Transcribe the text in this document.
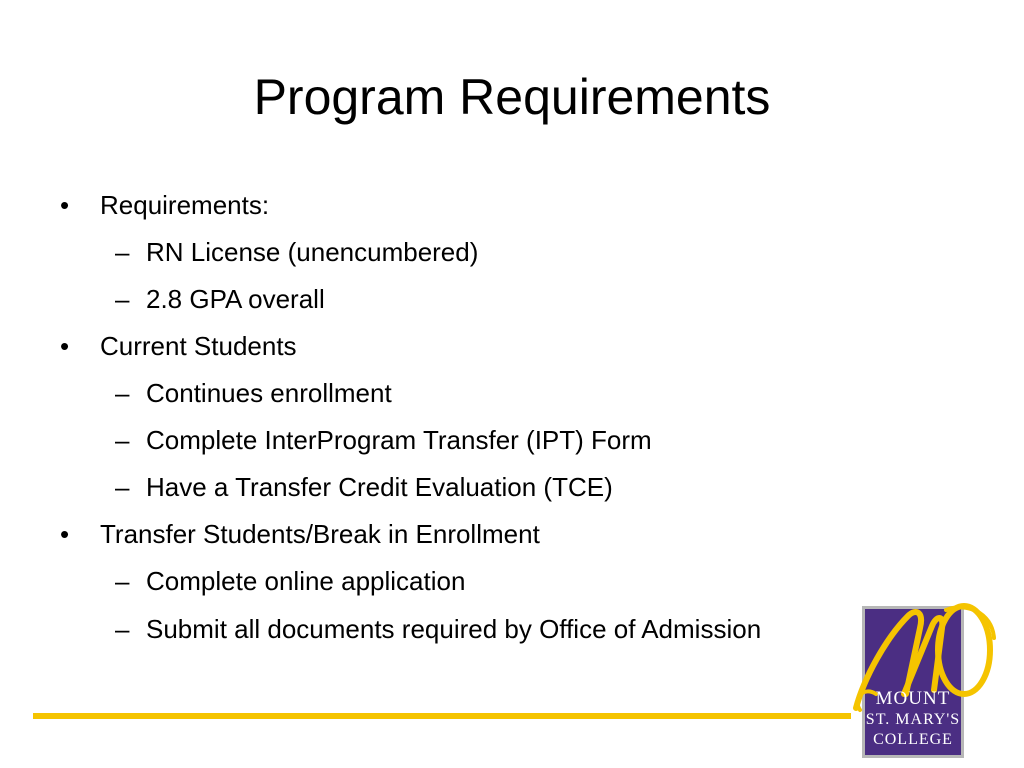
Program Requirements
•	Requirements:
– RN License (unencumbered)
– 2.8 GPA overall
•	Current Students
– Continues enrollment
– Complete InterProgram Transfer (IPT) Form
– Have a Transfer Credit Evaluation (TCE)
•	Transfer Students/Break in Enrollment
– Complete online application
– Submit all documents required by Office of Admission
MOUNT
ST. MARY'S
COLLEGE
